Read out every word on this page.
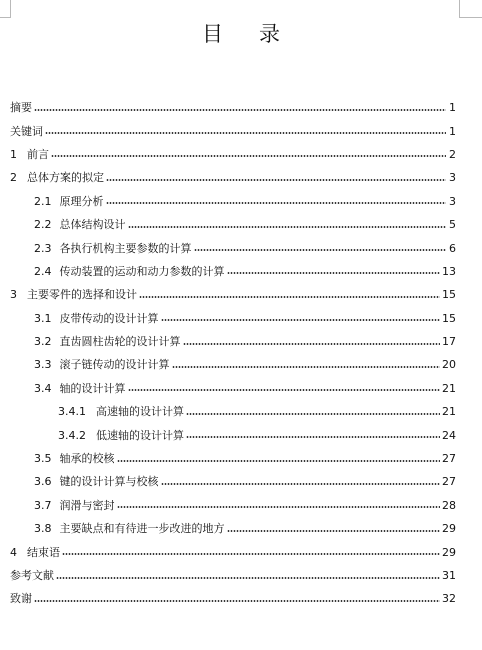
目 录
摘要	1
关键词	1
1 前言	2
2 总体方案的拟定	3
2.1 原理分析	3
2.2 总体结构设计	5
2.3 各执行机构主要参数的计算	6
2.4 传动装置的运动和动力参数的计算	13
3 主要零件的选择和设计	15
3.1 皮带传动的设计计算	15
3.2 直齿圆柱齿轮的设计计算	17
3.3 滚子链传动的设计计算	20
3.4 轴的设计计算	21
3.4.1 高速轴的设计计算	21
3.4.2 低速轴的设计计算	24
3.5 轴承的校核	27
3.6 键的设计计算与校核	27
3.7 润滑与密封	28
3.8 主要缺点和有待进一步改进的地方	29
4 结束语	29
参考文献	31
致谢	32
